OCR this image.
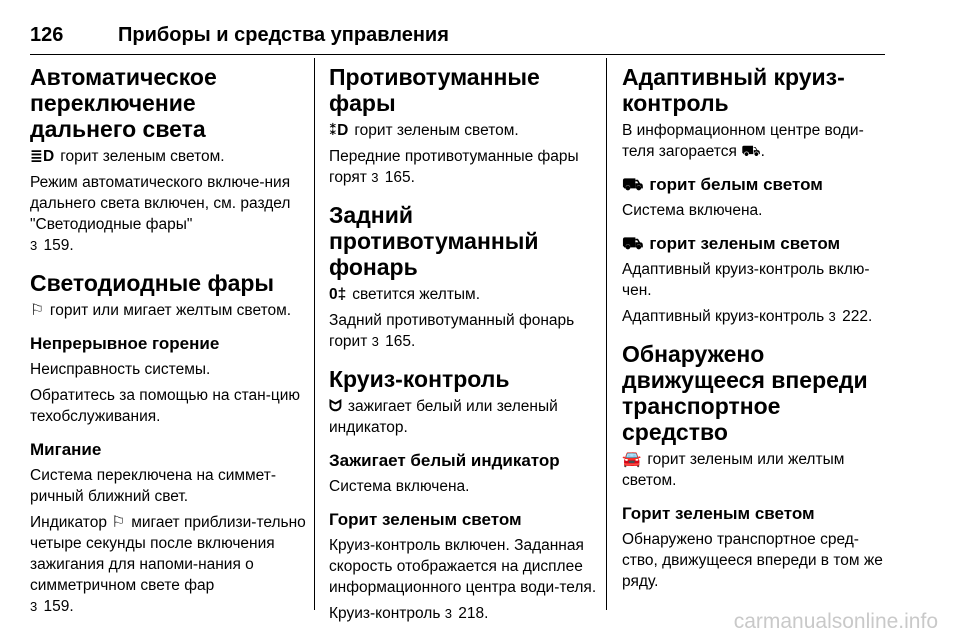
126	Приборы и средства управления
Автоматическое переключение дальнего света

≣D горит зеленым светом.

Режим автоматического включе-ния дальнего света включен, см. раздел "Светодиодные фары"
3 159.

Светодиодные фары

⚐ горит или мигает желтым светом.

Непрерывное горение

Неисправность системы.

Обратитесь за помощью на стан-цию техобслуживания.

Мигание

Система переключена на симмет-ричный ближний свет.

Индикатор ⚐ мигает приблизи-тельно четыре секунды после включения зажигания для напоми-нания о симметричном свете фар
3 159.

Противотуманные фары

⁑D горит зеленым светом.

Передние противотуманные фары горят 3 165.

Задний противотуманный фонарь

0‡ светится желтым.

Задний противотуманный фонарь горит 3 165.

Круиз-контроль

ᗢ зажигает белый или зеленый индикатор.

Зажигает белый индикатор

Система включена.

Горит зеленым светом

Круиз-контроль включен. Заданная скорость отображается на дисплее информационного центра води-теля.

Круиз-контроль 3 218.

Адаптивный круиз-контроль

В информационном центре води-теля загорается ⛟.

⛟ горит белым светом

Система включена.

⛟ горит зеленым светом

Адаптивный круиз-контроль вклю-чен.

Адаптивный круиз-контроль 3 222.

Обнаружено движущееся впереди транспортное средство

🚘 горит зеленым или желтым светом.

Горит зеленым светом

Обнаружено транспортное сред-ство, движущееся впереди в том же ряду.

carmanualsonline.info
